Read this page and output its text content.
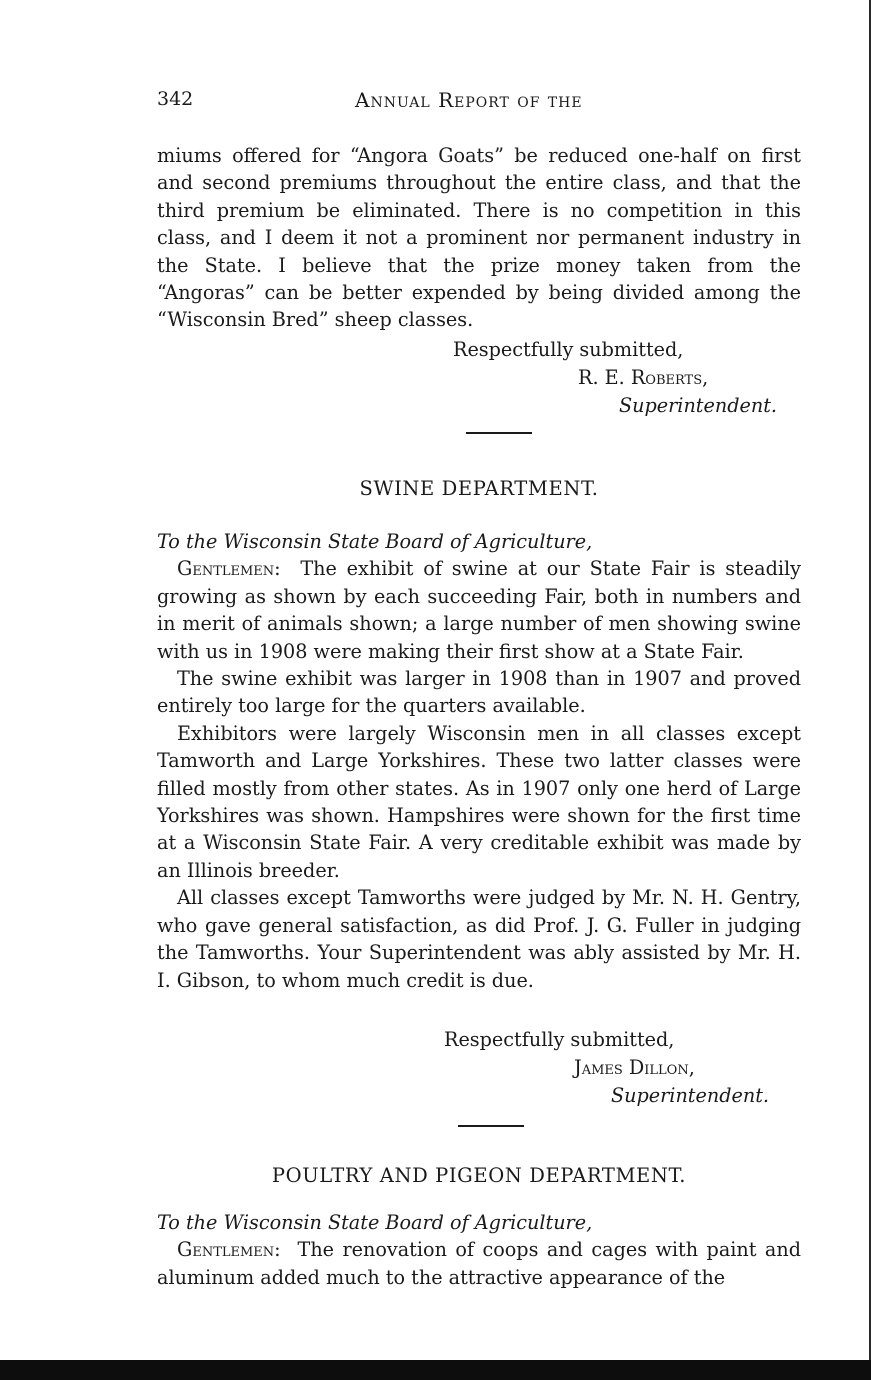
342	Annual Report of the

miums offered for “Angora Goats” be reduced one-half on first and second premiums throughout the entire class, and that the third premium be eliminated. There is no competition in this class, and I deem it not a prominent nor permanent industry in the State. I believe that the prize money taken from the “Angoras” can be better expended by being divided among the “Wisconsin Bred” sheep classes.

Respectfully submitted,
R. E. Roberts,
Superintendent.
SWINE DEPARTMENT.

To the Wisconsin State Board of Agriculture,

Gentlemen: The exhibit of swine at our State Fair is steadily growing as shown by each succeeding Fair, both in numbers and in merit of animals shown; a large number of men showing swine with us in 1908 were making their first show at a State Fair.

The swine exhibit was larger in 1908 than in 1907 and proved entirely too large for the quarters available.

Exhibitors were largely Wisconsin men in all classes except Tamworth and Large Yorkshires. These two latter classes were filled mostly from other states. As in 1907 only one herd of Large Yorkshires was shown. Hampshires were shown for the first time at a Wisconsin State Fair. A very creditable exhibit was made by an Illinois breeder.

All classes except Tamworths were judged by Mr. N. H. Gentry, who gave general satisfaction, as did Prof. J. G. Fuller in judging the Tamworths. Your Superintendent was ably assisted by Mr. H. I. Gibson, to whom much credit is due.

Respectfully submitted,
James Dillon,
Superintendent.
POULTRY AND PIGEON DEPARTMENT.

To the Wisconsin State Board of Agriculture,

Gentlemen: The renovation of coops and cages with paint and aluminum added much to the attractive appearance of the
